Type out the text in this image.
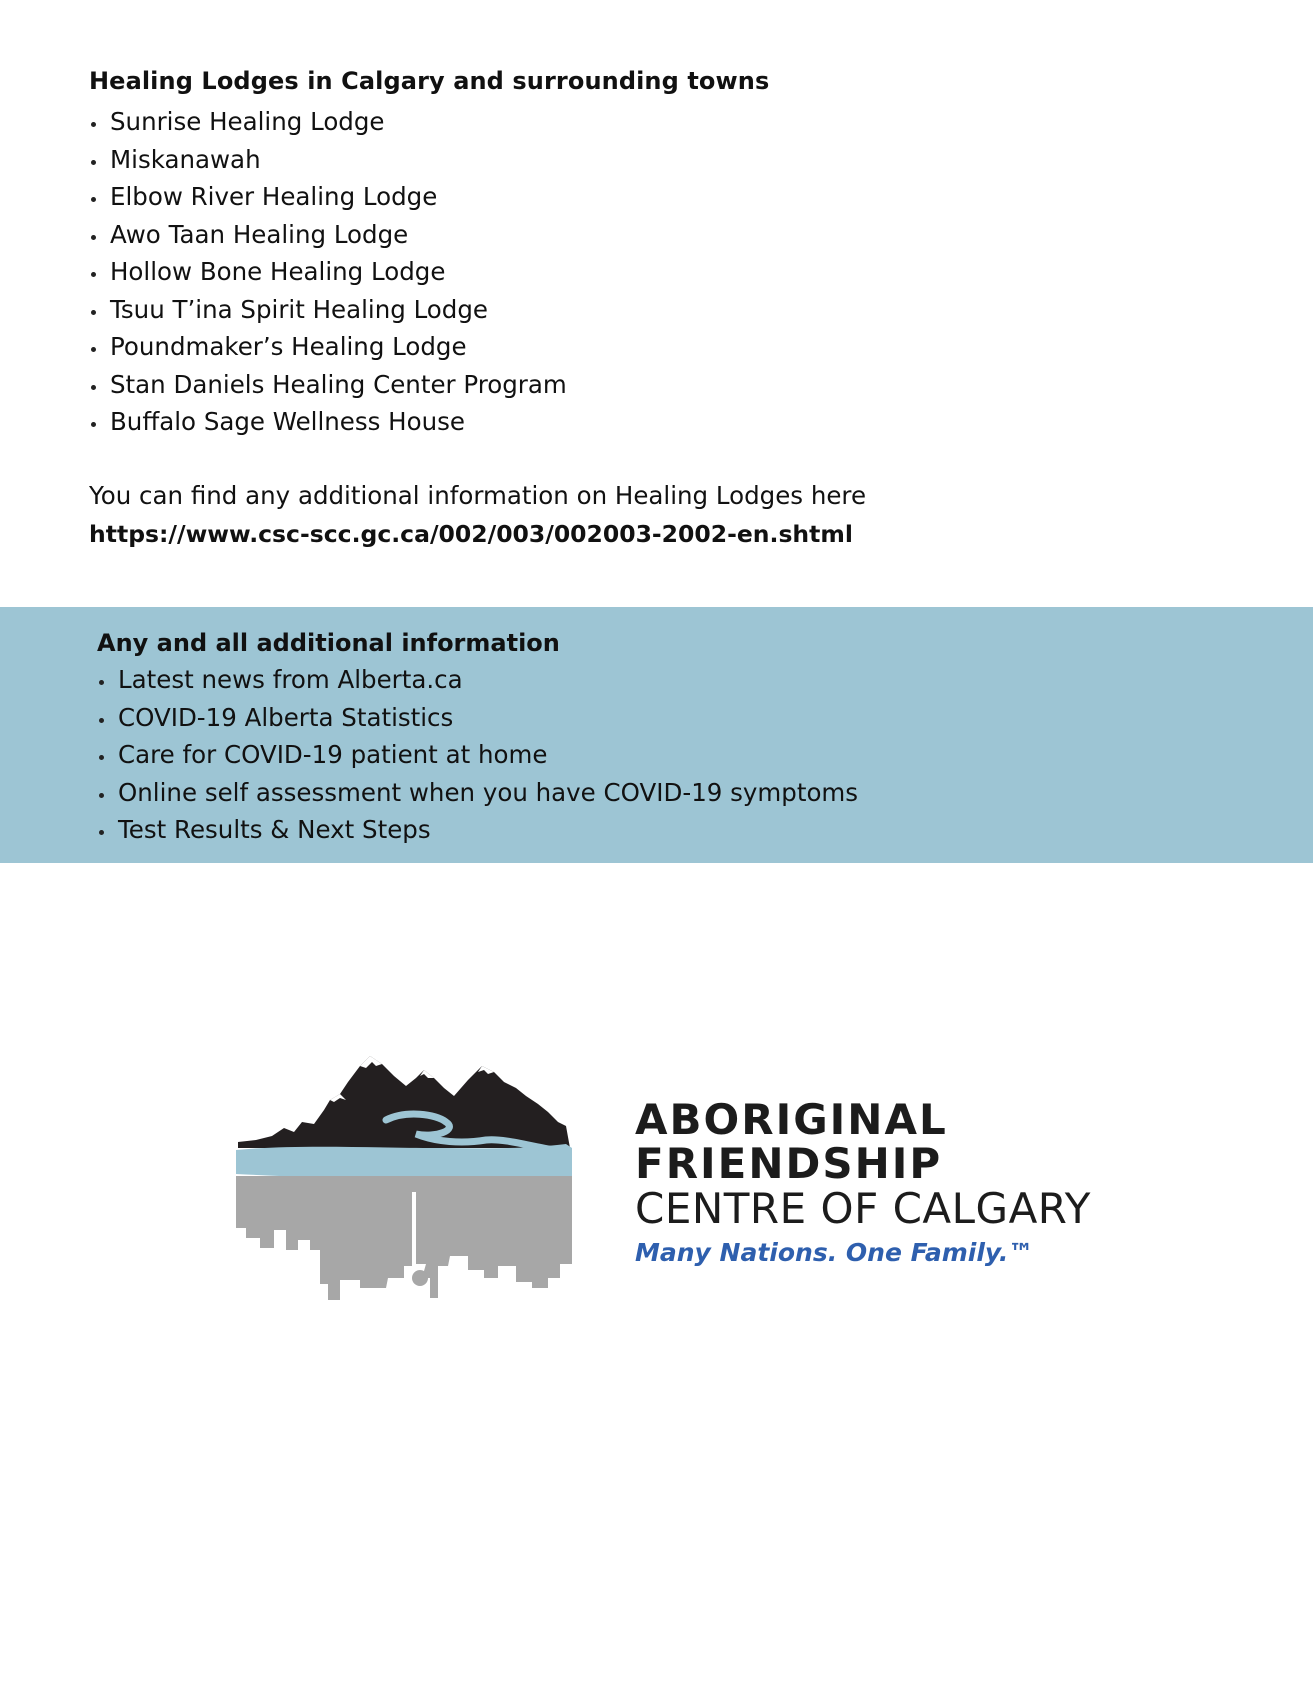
Healing Lodges in Calgary and surrounding towns
Sunrise Healing Lodge
Miskanawah
Elbow River Healing Lodge
Awo Taan Healing Lodge
Hollow Bone Healing Lodge
Tsuu T’ina Spirit Healing Lodge
Poundmaker’s Healing Lodge
Stan Daniels Healing Center Program
Buffalo Sage Wellness House
You can find any additional information on Healing Lodges here
https://www.csc-scc.gc.ca/002/003/002003-2002-en.shtml
Any and all additional information
Latest news from Alberta.ca
COVID-19 Alberta Statistics
Care for COVID-19 patient at home
Online self assessment when you have COVID-19 symptoms
Test Results & Next Steps
ABORIGINAL
FRIENDSHIP
CENTRE OF CALGARY
Many Nations. One Family.™
